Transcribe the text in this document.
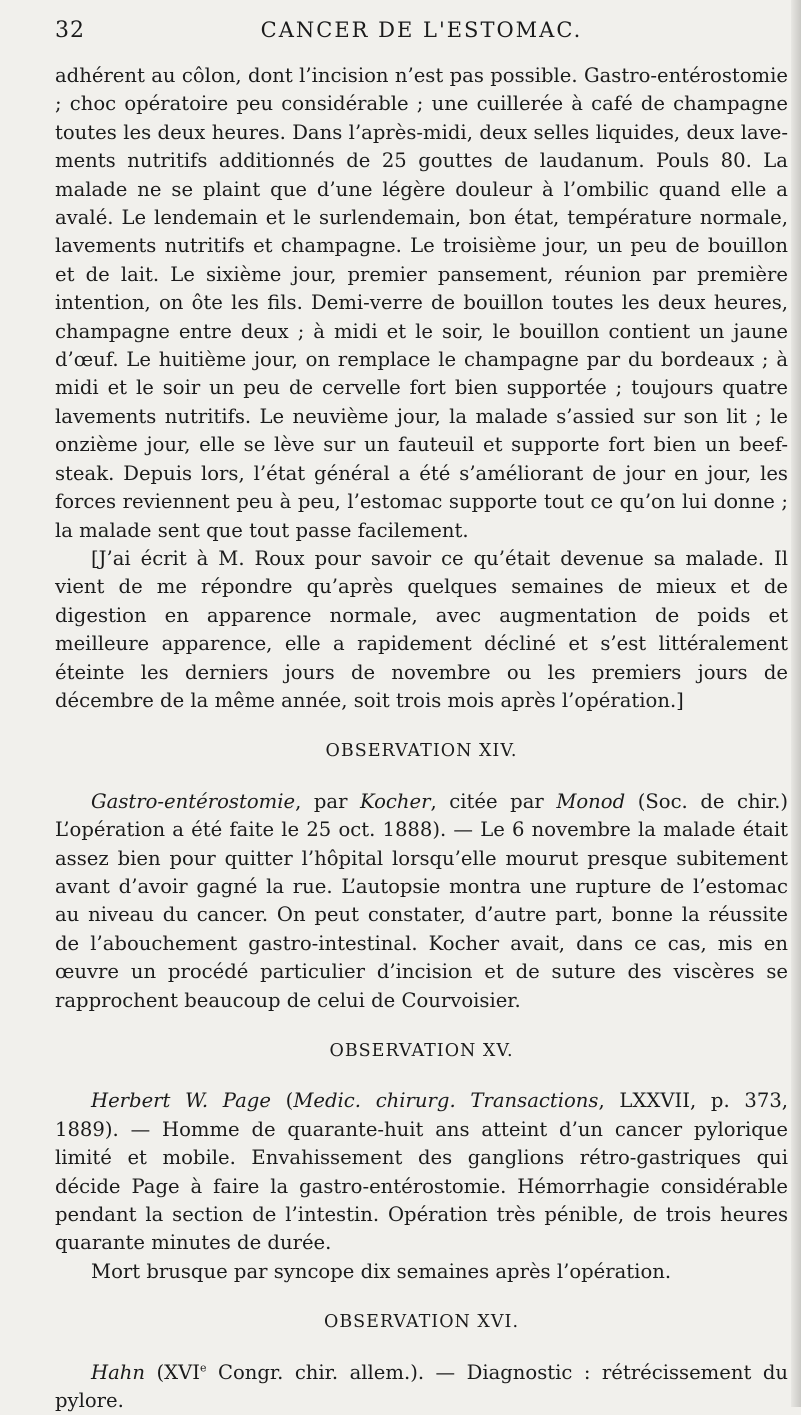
32	CANCER DE L'ESTOMAC.

adhérent au côlon, dont l’incision n’est pas possible. Gastro-entérostomie ; choc opératoire peu considérable ; une cuillerée à café de champagne toutes les deux heures. Dans l’après-midi, deux selles liquides, deux lave-ments nutritifs additionnés de 25 gouttes de laudanum. Pouls 80. La malade ne se plaint que d’une légère douleur à l’ombilic quand elle a avalé. Le lendemain et le surlendemain, bon état, température normale, lavements nutritifs et champagne. Le troisième jour, un peu de bouillon et de lait. Le sixième jour, premier pansement, réunion par première intention, on ôte les fils. Demi-verre de bouillon toutes les deux heures, champagne entre deux ; à midi et le soir, le bouillon contient un jaune d’œuf. Le huitième jour, on remplace le champagne par du bordeaux ; à midi et le soir un peu de cervelle fort bien supportée ; toujours quatre lavements nutritifs. Le neuvième jour, la malade s’assied sur son lit ; le onzième jour, elle se lève sur un fauteuil et supporte fort bien un beef-steak. Depuis lors, l’état général a été s’améliorant de jour en jour, les forces reviennent peu à peu, l’estomac supporte tout ce qu’on lui donne ; la malade sent que tout passe facilement.

[J’ai écrit à M. Roux pour savoir ce qu’était devenue sa malade. Il vient de me répondre qu’après quelques semaines de mieux et de digestion en apparence normale, avec augmentation de poids et meilleure apparence, elle a rapidement décliné et s’est littéralement éteinte les derniers jours de novembre ou les premiers jours de décembre de la même année, soit trois mois après l’opération.]

OBSERVATION XIV.

Gastro-entérostomie, par Kocher, citée par Monod (Soc. de chir.) L’opération a été faite le 25 oct. 1888). — Le 6 novembre la malade était assez bien pour quitter l’hôpital lorsqu’elle mourut presque subitement avant d’avoir gagné la rue. L’autopsie montra une rupture de l’estomac au niveau du cancer. On peut constater, d’autre part, bonne la réussite de l’abouchement gastro-intestinal. Kocher avait, dans ce cas, mis en œuvre un procédé particulier d’incision et de suture des viscères se rapprochent beaucoup de celui de Courvoisier.

OBSERVATION XV.

Herbert W. Page (Medic. chirurg. Transactions, LXXVII, p. 373, 1889). — Homme de quarante-huit ans atteint d’un cancer pylorique limité et mobile. Envahissement des ganglions rétro-gastriques qui décide Page à faire la gastro-entérostomie. Hémorrhagie considérable pendant la section de l’intestin. Opération très pénible, de trois heures quarante minutes de durée.

Mort brusque par syncope dix semaines après l’opération.

OBSERVATION XVI.

Hahn (XVIe Congr. chir. allem.). — Diagnostic : rétrécissement du pylore.
